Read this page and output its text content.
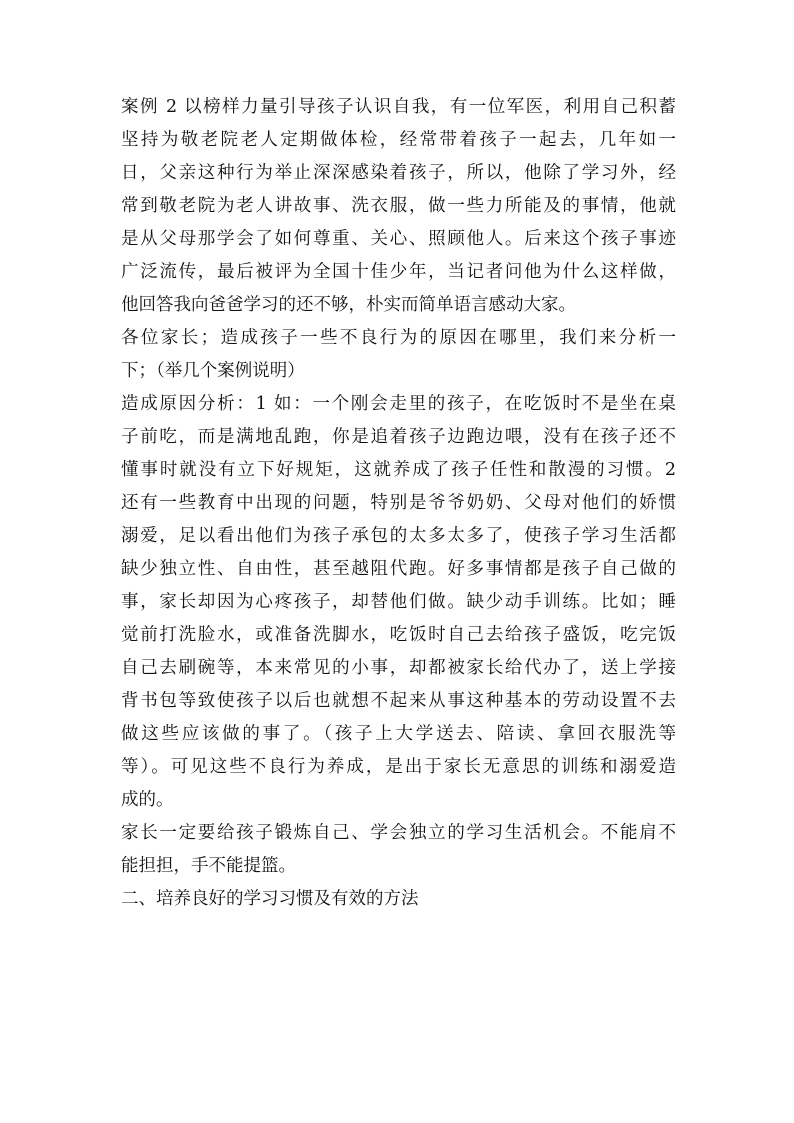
案例 2 以榜样力量引导孩子认识自我，有一位军医，利用自己积蓄
坚持为敬老院老人定期做体检，经常带着孩子一起去，几年如一
日，父亲这种行为举止深深感染着孩子，所以，他除了学习外，经
常到敬老院为老人讲故事、洗衣服，做一些力所能及的事情，他就
是从父母那学会了如何尊重、关心、照顾他人。后来这个孩子事迹
广泛流传，最后被评为全国十佳少年，当记者问他为什么这样做，
他回答我向爸爸学习的还不够，朴实而简单语言感动大家。
各位家长；造成孩子一些不良行为的原因在哪里，我们来分析一
下；（举几个案例说明）
造成原因分析：1 如：一个刚会走里的孩子，在吃饭时不是坐在桌
子前吃，而是满地乱跑，你是追着孩子边跑边喂，没有在孩子还不
懂事时就没有立下好规矩，这就养成了孩子任性和散漫的习惯。2
还有一些教育中出现的问题，特别是爷爷奶奶、父母对他们的娇惯
溺爱，足以看出他们为孩子承包的太多太多了，使孩子学习生活都
缺少独立性、自由性，甚至越阻代跑。好多事情都是孩子自己做的
事，家长却因为心疼孩子，却替他们做。缺少动手训练。比如；睡
觉前打洗脸水，或准备洗脚水，吃饭时自己去给孩子盛饭，吃完饭
自己去刷碗等，本来常见的小事，却都被家长给代办了，送上学接
背书包等致使孩子以后也就想不起来从事这种基本的劳动设置不去
做这些应该做的事了。（孩子上大学送去、陪读、拿回衣服洗等
等）。可见这些不良行为养成，是出于家长无意思的训练和溺爱造
成的。
家长一定要给孩子锻炼自己、学会独立的学习生活机会。不能肩不
能担担，手不能提篮。
二、培养良好的学习习惯及有效的方法
